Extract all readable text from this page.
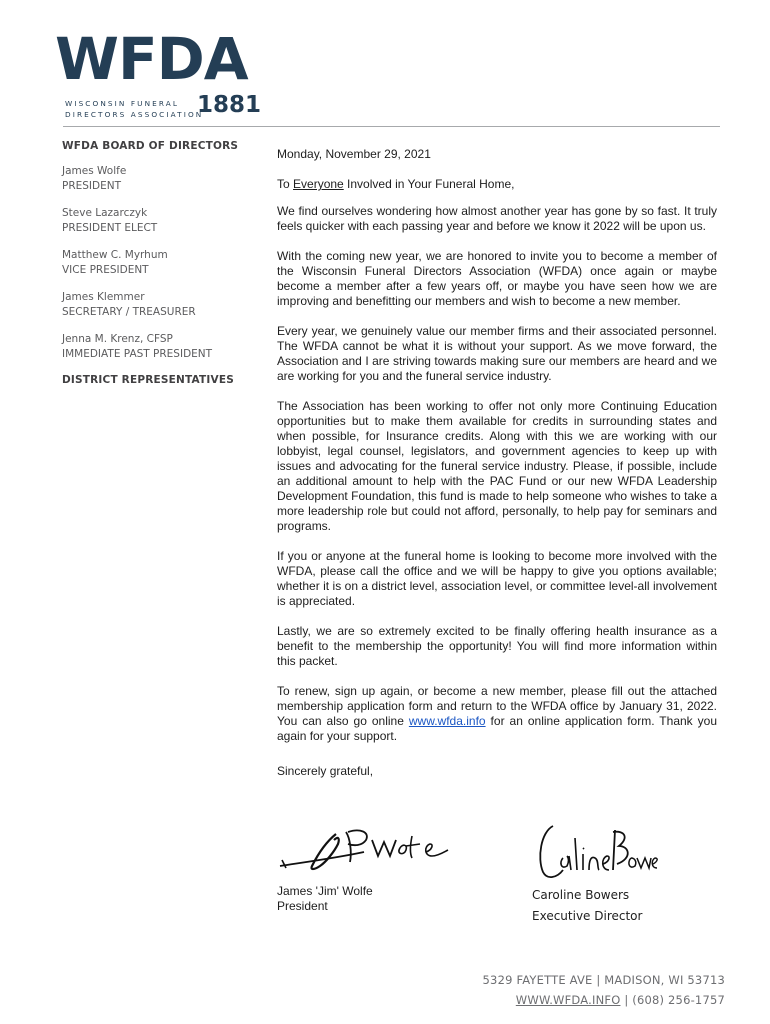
WFDA
WISCONSIN FUNERAL
DIRECTORS ASSOCIATION
1881
WFDA BOARD OF DIRECTORS
James Wolfe
PRESIDENT
Steve Lazarczyk
PRESIDENT ELECT
Matthew C. Myrhum
VICE PRESIDENT
James Klemmer
SECRETARY / TREASURER
Jenna M. Krenz, CFSP
IMMEDIATE PAST PRESIDENT
DISTRICT REPRESENTATIVES

Monday, November 29, 2021

To Everyone Involved in Your Funeral Home,

We find ourselves wondering how almost another year has gone by so fast. It truly feels quicker with each passing year and before we know it 2022 will be upon us.

With the coming new year, we are honored to invite you to become a member of the Wisconsin Funeral Directors Association (WFDA) once again or maybe become a member after a few years off, or maybe you have seen how we are improving and benefitting our members and wish to become a new member.

Every year, we genuinely value our member firms and their associated personnel. The WFDA cannot be what it is without your support. As we move forward, the Association and I are striving towards making sure our members are heard and we are working for you and the funeral service industry.

The Association has been working to offer not only more Continuing Education opportunities but to make them available for credits in surrounding states and when possible, for Insurance credits. Along with this we are working with our lobbyist, legal counsel, legislators, and government agencies to keep up with issues and advocating for the funeral service industry. Please, if possible, include an additional amount to help with the PAC Fund or our new WFDA Leadership Development Foundation, this fund is made to help someone who wishes to take a more leadership role but could not afford, personally, to help pay for seminars and programs.

If you or anyone at the funeral home is looking to become more involved with the WFDA, please call the office and we will be happy to give you options available; whether it is on a district level, association level, or committee level-all involvement is appreciated.

Lastly, we are so extremely excited to be finally offering health insurance as a benefit to the membership the opportunity! You will find more information within this packet.

To renew, sign up again, or become a new member, please fill out the attached membership application form and return to the WFDA office by January 31, 2022. You can also go online www.wfda.info for an online application form. Thank you again for your support.

Sincerely grateful,

James 'Jim' Wolfe
President
Caroline Bowers
Executive Director
5329 FAYETTE AVE | MADISON, WI 53713
WWW.WFDA.INFO | (608) 256-1757
